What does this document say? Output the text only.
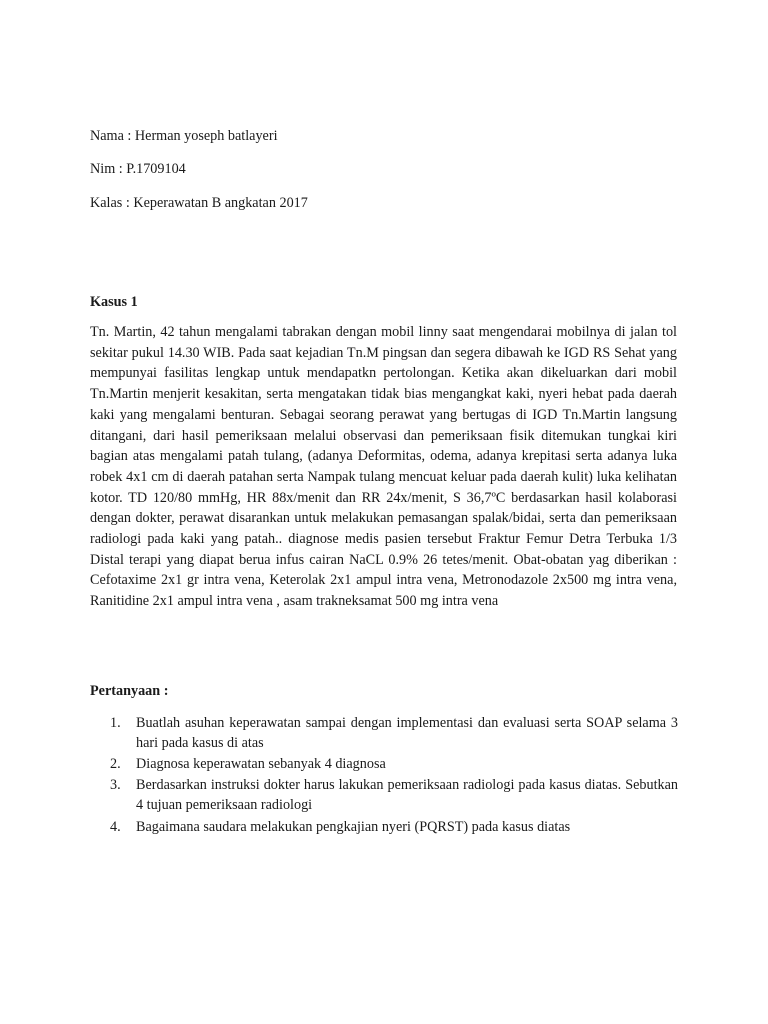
Nama : Herman yoseph batlayeri

Nim : P.1709104

Kalas : Keperawatan B angkatan 2017

Kasus 1

Tn. Martin, 42 tahun mengalami tabrakan dengan mobil linny saat mengendarai mobilnya di jalan tol sekitar pukul 14.30 WIB. Pada saat kejadian Tn.M pingsan dan segera dibawah ke IGD RS Sehat yang mempunyai fasilitas lengkap untuk mendapatkn pertolongan. Ketika akan dikeluarkan dari mobil Tn.Martin menjerit kesakitan, serta mengatakan tidak bias mengangkat kaki, nyeri hebat pada daerah kaki yang mengalami benturan. Sebagai seorang perawat yang bertugas di IGD Tn.Martin langsung ditangani, dari hasil pemeriksaan melalui observasi dan pemeriksaan fisik ditemukan tungkai kiri bagian atas mengalami patah tulang, (adanya Deformitas, odema, adanya krepitasi serta adanya luka robek 4x1 cm di daerah patahan serta Nampak tulang mencuat keluar pada daerah kulit) luka kelihatan kotor. TD 120/80 mmHg, HR 88x/menit dan RR 24x/menit, S 36,7ºC berdasarkan hasil kolaborasi dengan dokter, perawat disarankan untuk melakukan pemasangan spalak/bidai, serta dan pemeriksaan radiologi pada kaki yang patah.. diagnose medis pasien tersebut Fraktur Femur Detra Terbuka 1/3 Distal terapi yang diapat berua infus cairan NaCL 0.9% 26 tetes/menit. Obat-obatan yag diberikan : Cefotaxime 2x1 gr intra vena, Keterolak 2x1 ampul intra vena, Metronodazole 2x500 mg intra vena, Ranitidine 2x1 ampul intra vena , asam trakneksamat 500 mg intra vena

Pertanyaan :

1. Buatlah asuhan keperawatan sampai dengan implementasi dan evaluasi serta SOAP selama 3 hari pada kasus di atas
2. Diagnosa keperawatan sebanyak 4 diagnosa
3. Berdasarkan instruksi dokter harus lakukan pemeriksaan radiologi pada kasus diatas. Sebutkan 4 tujuan pemeriksaan radiologi
4. Bagaimana saudara melakukan pengkajian nyeri (PQRST) pada kasus diatas
